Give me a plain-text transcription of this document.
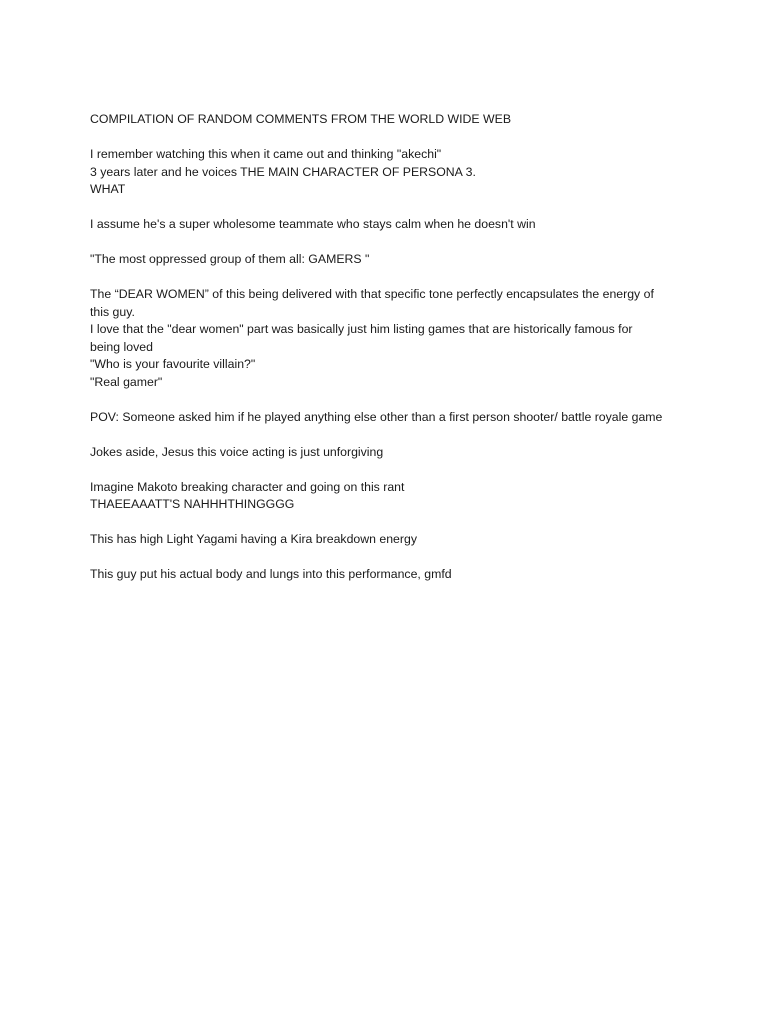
COMPILATION OF RANDOM COMMENTS FROM THE WORLD WIDE WEB
I remember watching this when it came out and thinking "akechi"
3 years later and he voices THE MAIN CHARACTER OF PERSONA 3.
WHAT
I assume he's a super wholesome teammate who stays calm when he doesn't win
"The most oppressed group of them all: GAMERS "
The “DEAR WOMEN” of this being delivered with that specific tone perfectly encapsulates the energy of
this guy.
I love that the "dear women" part was basically just him listing games that are historically famous for
being loved
"Who is your favourite villain?"
"Real gamer"
POV: Someone asked him if he played anything else other than a first person shooter/ battle royale game
Jokes aside, Jesus this voice acting is just unforgiving
Imagine Makoto breaking character and going on this rant
THAEEAAATT'S NAHHHTHINGGGG
This has high Light Yagami having a Kira breakdown energy
This guy put his actual body and lungs into this performance, gmfd
